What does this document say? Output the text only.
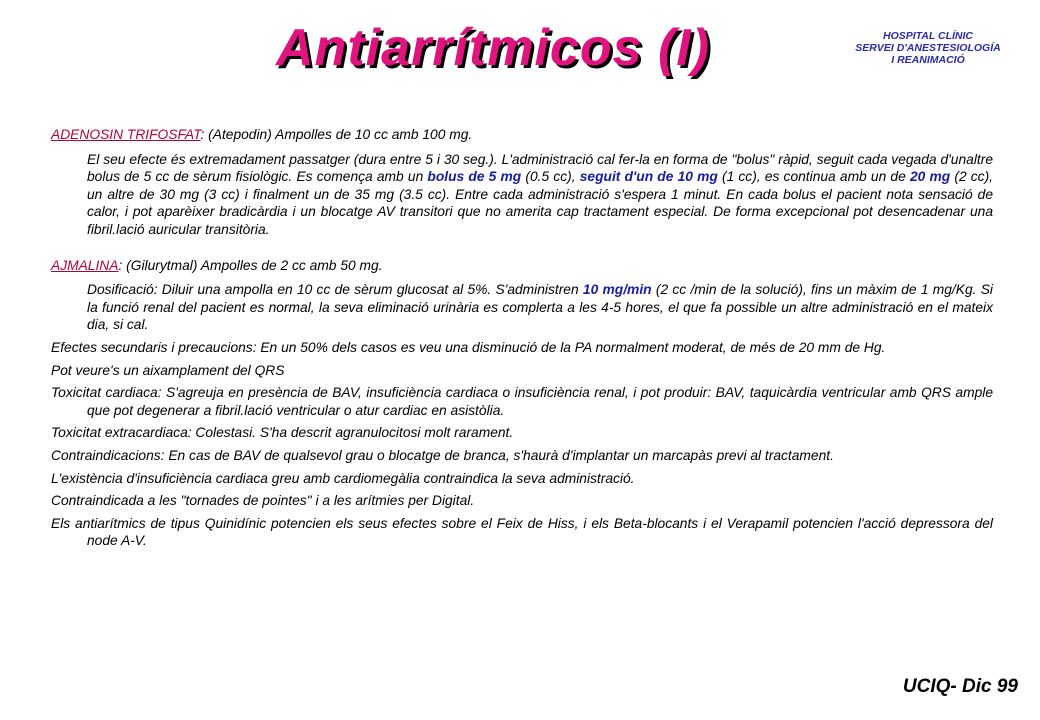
Antiarrítmicos (I)	HOSPITAL CLÍNIC
SERVEI D'ANESTESIOLOGÍA
I REANIMACIÓ

ADENOSIN TRIFOSFAT: (Atepodin) Ampolles de 10 cc amb 100 mg.

El seu efecte és extremadament passatger (dura entre 5 i 30 seg.). L'administració cal fer-la en forma de "bolus" ràpid, seguit cada vegada d'unaltre bolus de 5 cc de sèrum fisiològic. Es comença amb un bolus de 5 mg (0.5 cc), seguit d'un de 10 mg (1 cc), es continua amb un de 20 mg (2 cc), un altre de 30 mg (3 cc) i finalment un de 35 mg (3.5 cc). Entre cada administració s'espera 1 minut. En cada bolus el pacient nota sensació de calor, i pot aparèixer bradicàrdia i un blocatge AV transitori que no amerita cap tractament especial. De forma excepcional pot desencadenar una fibril.lació auricular transitòria.

AJMALINA: (Gilurytmal) Ampolles de 2 cc amb 50 mg.

Dosificació: Diluir una ampolla en 10 cc de sèrum glucosat al 5%. S'administren 10 mg/min (2 cc /min de la solució), fins un màxim de 1 mg/Kg. Si la funció renal del pacient es normal, la seva eliminació urinària es complerta a les 4-5 hores, el que fa possible un altre administració en el mateix dia, si cal.

Efectes secundaris i precaucions: En un 50% dels casos es veu una disminució de la PA normalment moderat, de més de 20 mm de Hg.

Pot veure's un aixamplament del QRS

Toxicitat cardiaca: S'agreuja en presència de BAV, insuficiència cardiaca o insuficiència renal, i pot produir: BAV, taquicàrdia ventricular amb QRS ample que pot degenerar a fibril.lació ventricular o atur cardiac en asistòlia.

Toxicitat extracardiaca: Colestasi. S'ha descrit agranulocitosi molt rarament.

Contraindicacions: En cas de BAV de qualsevol grau o blocatge de branca, s'haurà d'implantar un marcapàs previ al tractament.

L'existència d'insuficiència cardiaca greu amb cardiomegàlia contraindica la seva administració.

Contraindicada a les "tornades de pointes" i a les arítmies per Digital.

Els antiarítmics de tipus Quinidínic potencien els seus efectes sobre el Feix de Hiss, i els Beta-blocants i el Verapamil potencien l'acció depressora del node A-V.

UCIQ- Dic 99
